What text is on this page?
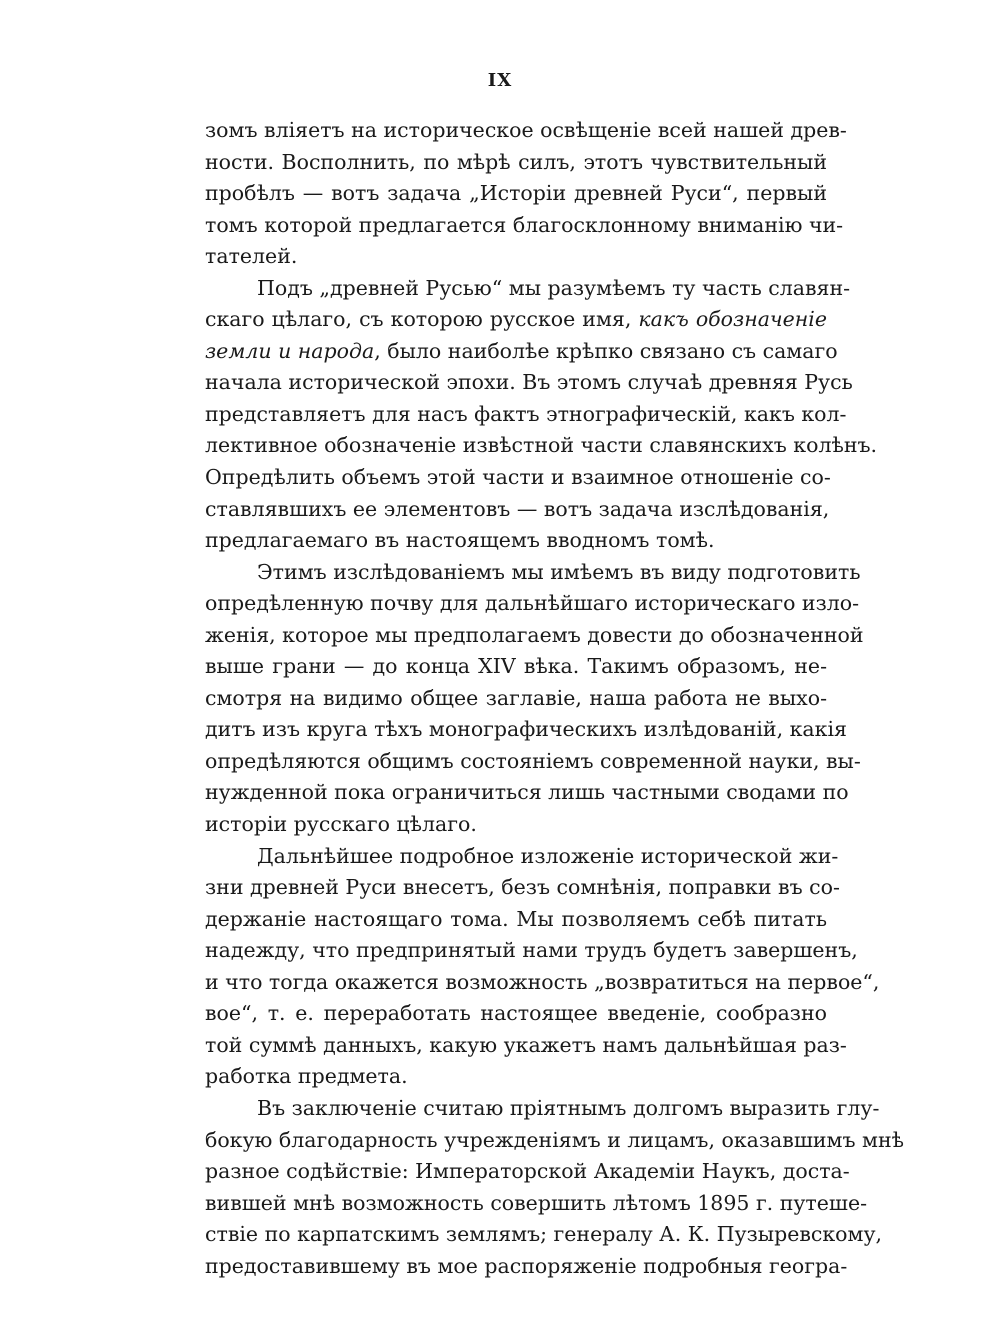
IX
зомъ вліяетъ на историческое освѣщеніе всей нашей древ-
ности. Восполнить, по мѣрѣ силъ, этотъ чувствительный
пробѣлъ — вотъ задача „Исторіи древней Руси“, первый
томъ которой предлагается благосклонному вниманію чи-
тателей.
Подъ „древней Русью“ мы разумѣемъ ту часть славян-
скаго цѣлаго, съ которою русское имя, какъ обозначеніе
земли и народа, было наиболѣе крѣпко связано съ самаго
начала исторической эпохи. Въ этомъ случаѣ древняя Русь
представляетъ для насъ фактъ этнографическій, какъ кол-
лективное обозначеніе извѣстной части славянскихъ колѣнъ.
Опредѣлить объемъ этой части и взаимное отношеніе со-
ставлявшихъ ее элементовъ — вотъ задача изслѣдованія,
предлагаемаго въ настоящемъ вводномъ томѣ.
Этимъ изслѣдованіемъ мы имѣемъ въ виду подготовить
опредѣленную почву для дальнѣйшаго историческаго изло-
женія, которое мы предполагаемъ довести до обозначенной
выше грани — до конца XIV вѣка. Такимъ образомъ, не-
смотря на видимо общее заглавіе, наша работа не выхо-
дитъ изъ круга тѣхъ монографическихъ излѣдованій, какія
опредѣляются общимъ состояніемъ современной науки, вы-
нужденной пока ограничиться лишь частными сводами по
исторіи русскаго цѣлаго.
Дальнѣйшее подробное изложеніе исторической жи-
зни древней Руси внесетъ, безъ сомнѣнія, поправки въ со-
держаніе настоящаго тома. Мы позволяемъ себѣ питать
надежду, что предпринятый нами трудъ будетъ завершенъ,
и что тогда окажется возможность „возвратиться на первое“,
вое“, т. е. переработать настоящее введеніе, сообразно
той суммѣ данныхъ, какую укажетъ намъ дальнѣйшая раз-
работка предмета.
Въ заключеніе считаю пріятнымъ долгомъ выразить глу-
бокую благодарность учрежденіямъ и лицамъ, оказавшимъ мнѣ
разное содѣйствіе: Императорской Академіи Наукъ, доста-
вившей мнѣ возможность совершить лѣтомъ 1895 г. путеше-
ствіе по карпатскимъ землямъ; генералу А. К. Пузыревскому,
предоставившему въ мое распоряженіе подробныя геогра-
